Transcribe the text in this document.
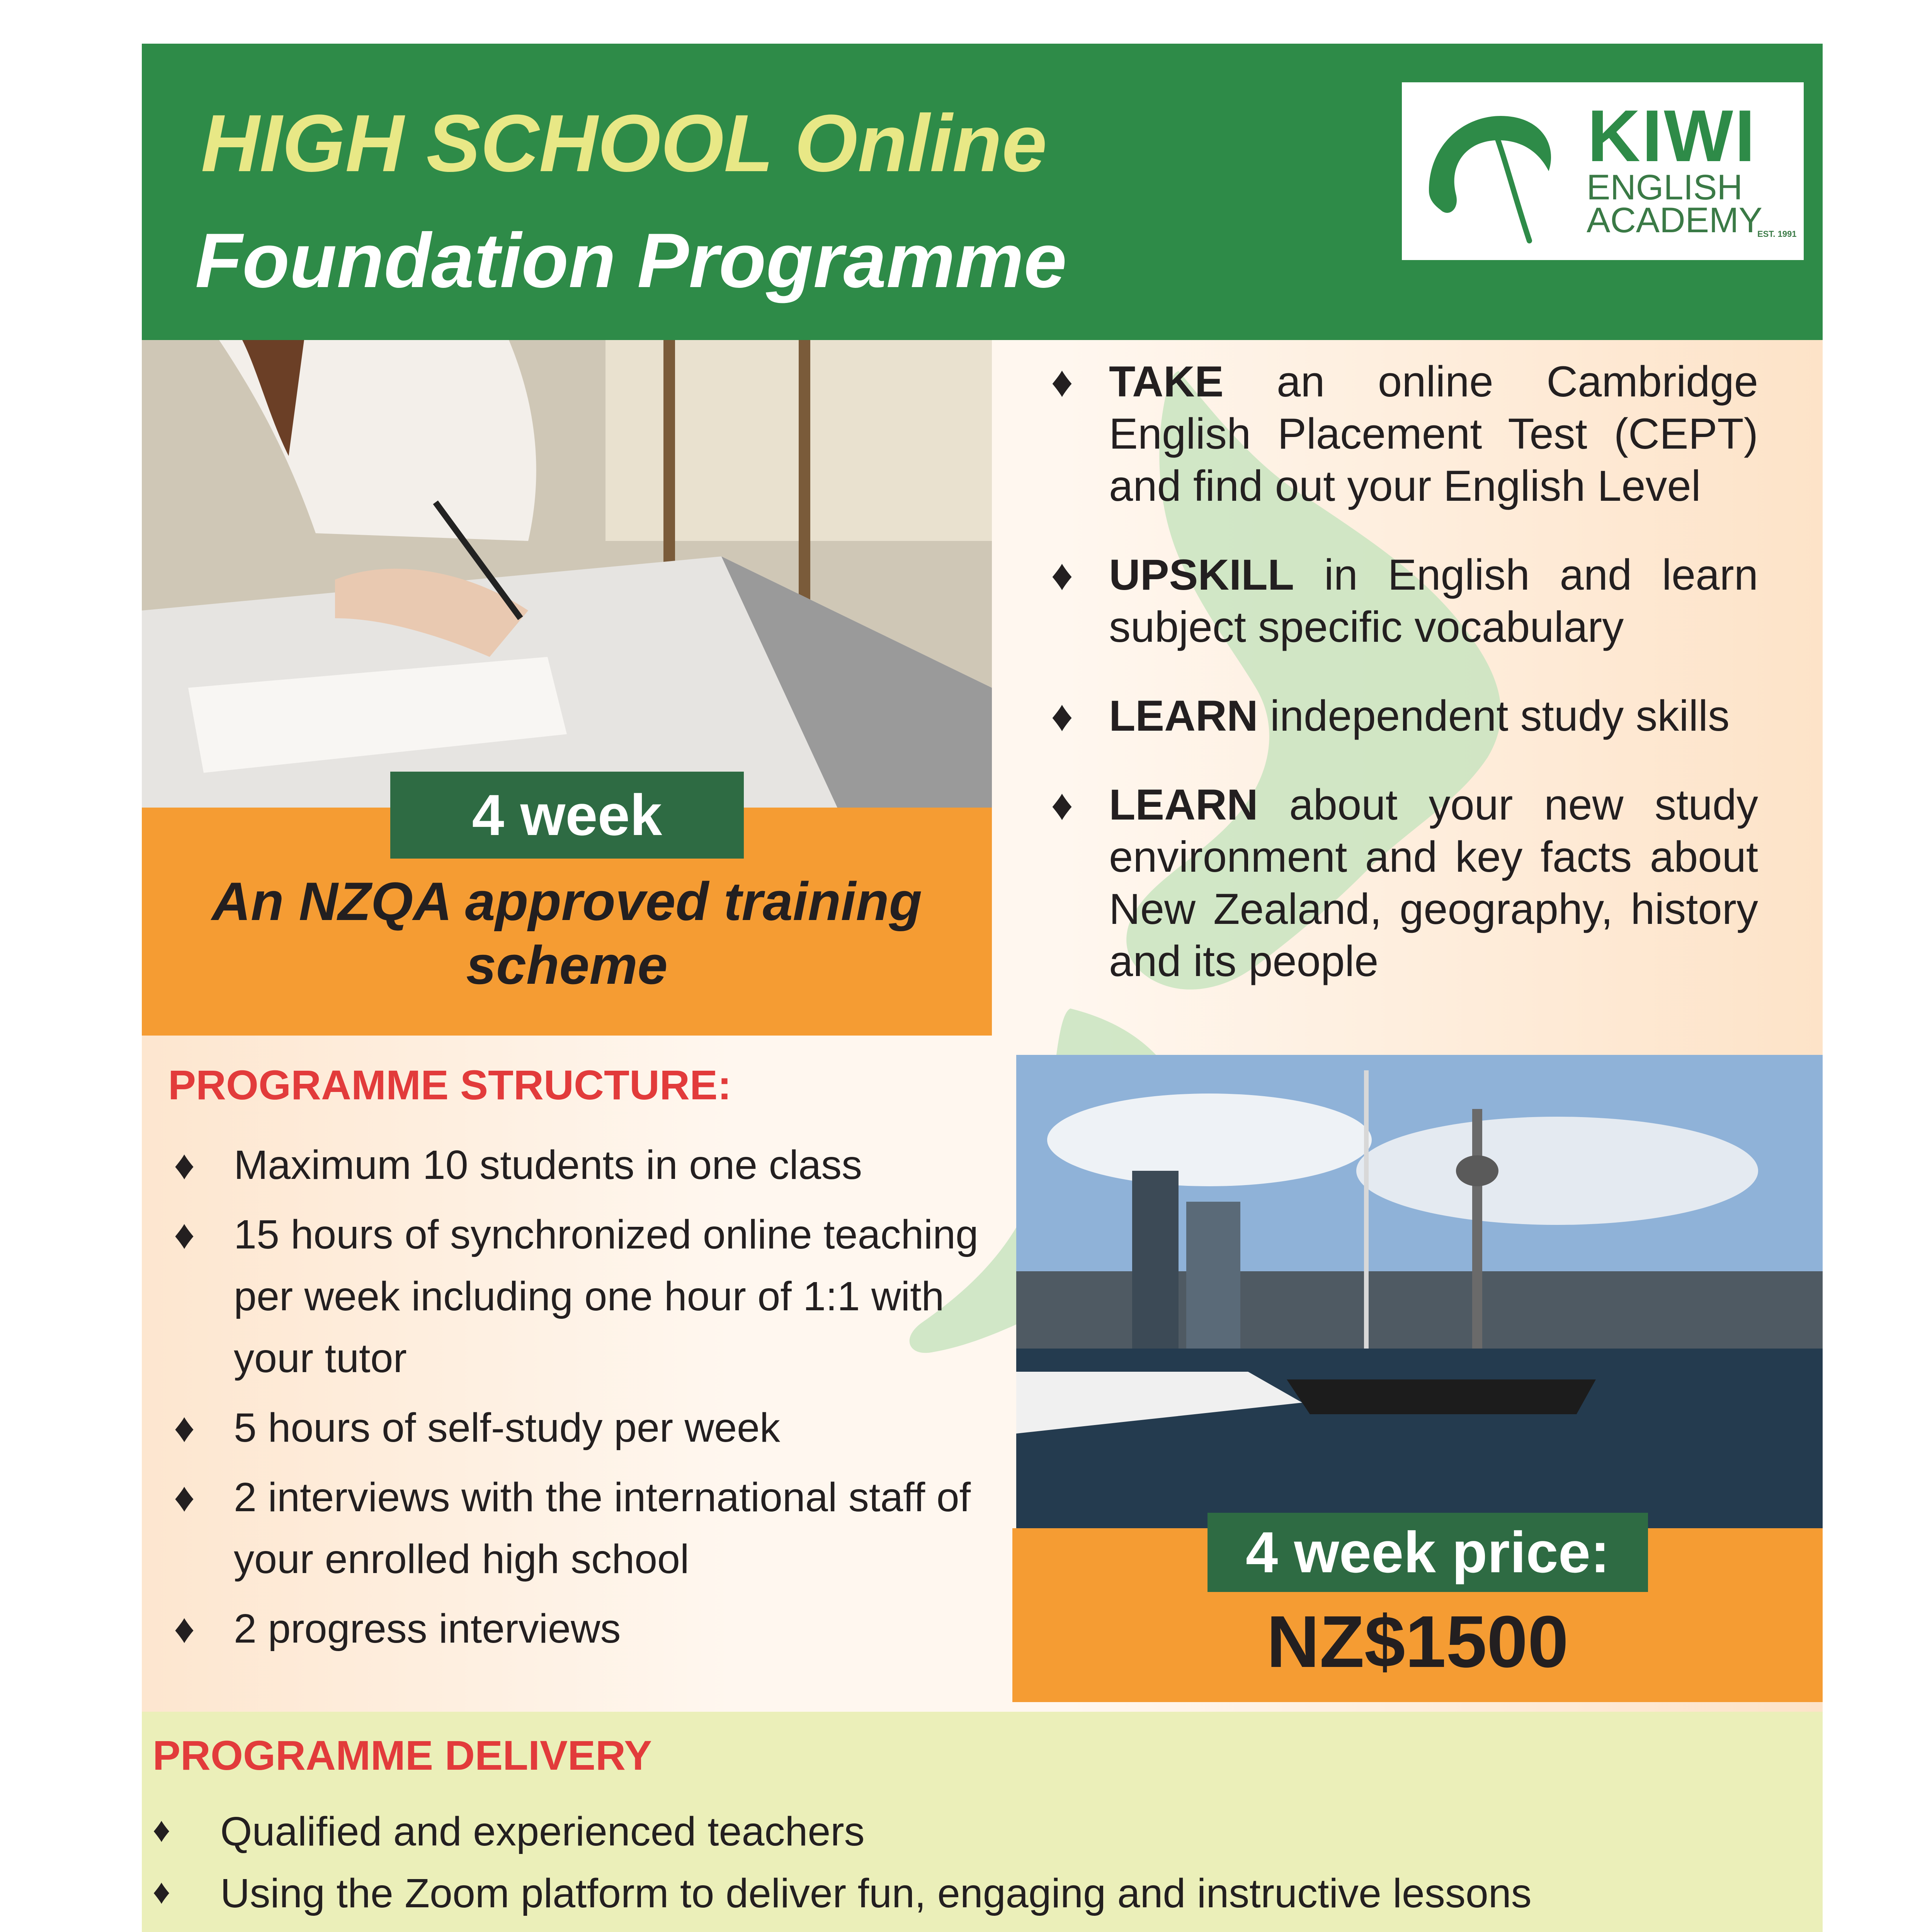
HIGH SCHOOL Online
Foundation Programme
KIWI
ENGLISH
ACADEMY
EST. 1991
4 week
An NZQA approved training scheme
♦ TAKE an online Cambridge English Placement Test (CEPT) and find out your English Level
♦ UPSKILL in English and learn subject specific vocabulary
♦ LEARN independent study skills
♦ LEARN about your new study environment and key facts about New Zealand, geography, history and its people
PROGRAMME STRUCTURE:
♦ Maximum 10 students in one class
♦ 15 hours of synchronized online teaching per week including one hour of 1:1 with your tutor
♦ 5 hours of self-study per week
♦ 2 interviews with the international staff of your enrolled high school
♦ 2 progress interviews
4 week price:
NZ$1500
PROGRAMME DELIVERY
♦ Qualified and experienced teachers
♦ Using the Zoom platform to deliver fun, engaging and instructive lessons
